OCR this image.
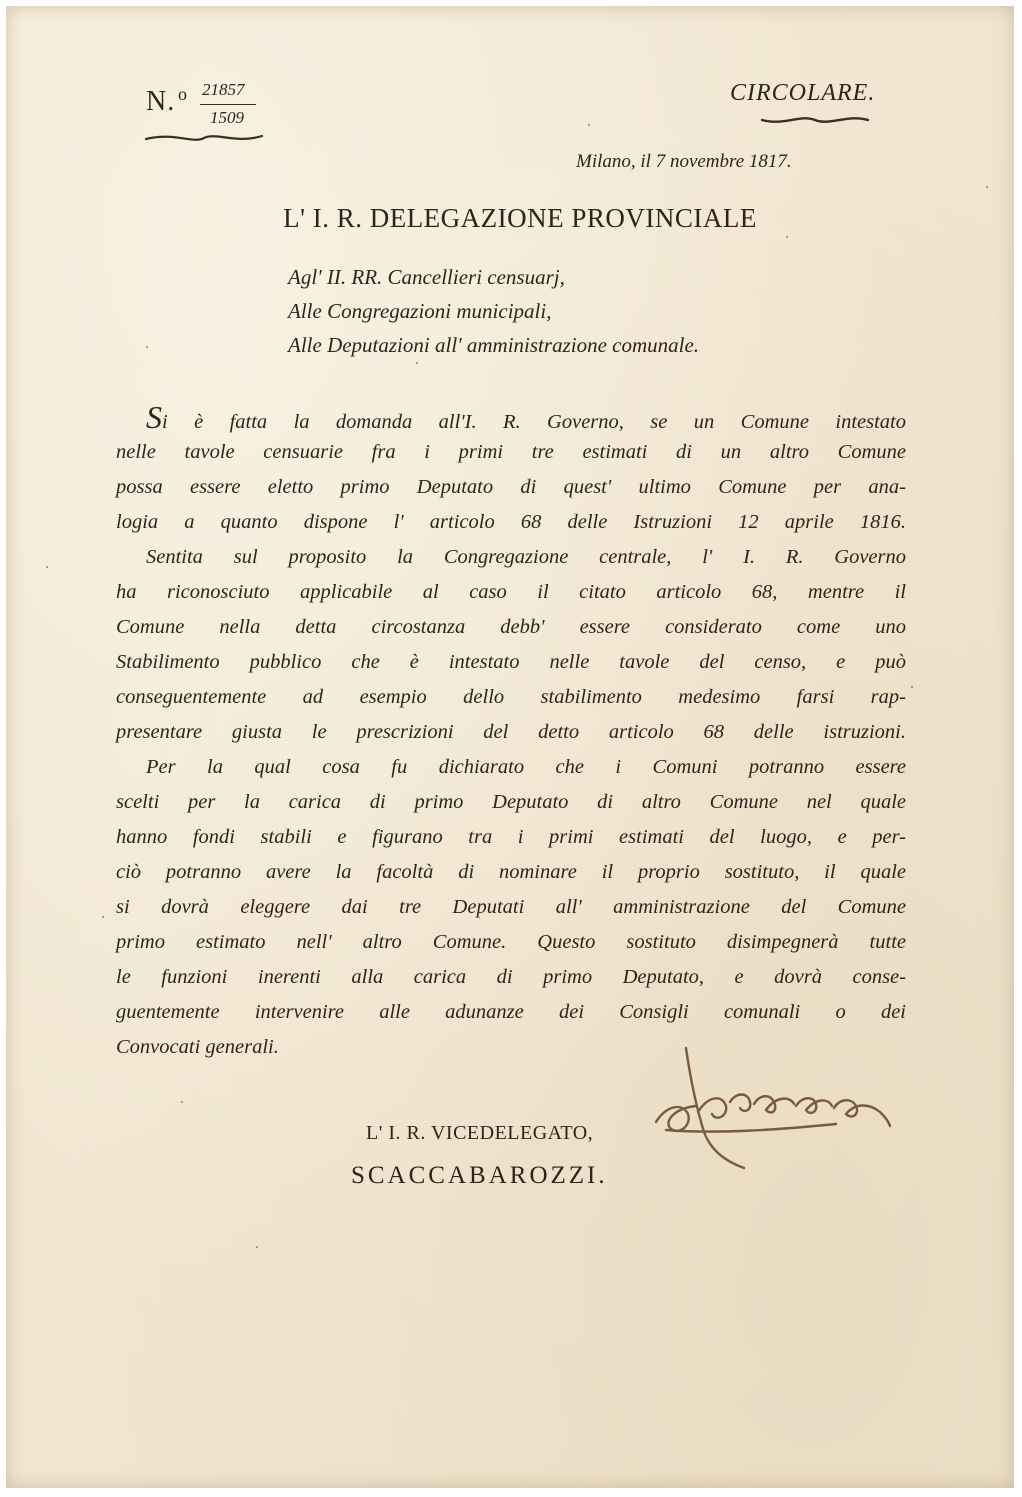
N. o 21857
1509
CIRCOLARE.
Milano, il 7 novembre 1817.
L' I. R. DELEGAZIONE PROVINCIALE
Agl' II. RR. Cancellieri censuarj,
Alle Congregazioni municipali,
Alle Deputazioni all' amministrazione comunale.
Si è fatta la domanda all'I. R. Governo, se un Comune intestato
nelle tavole censuarie fra i primi tre estimati di un altro Comune
possa essere eletto primo Deputato di quest' ultimo Comune per ana-
logia a quanto dispone l' articolo 68 delle Istruzioni 12 aprile 1816.
Sentita sul proposito la Congregazione centrale, l' I. R. Governo
ha riconosciuto applicabile al caso il citato articolo 68, mentre il
Comune nella detta circostanza debb' essere considerato come uno
Stabilimento pubblico che è intestato nelle tavole del censo, e può
conseguentemente ad esempio dello stabilimento medesimo farsi rap-
presentare giusta le prescrizioni del detto articolo 68 delle istruzioni.
Per la qual cosa fu dichiarato che i Comuni potranno essere
scelti per la carica di primo Deputato di altro Comune nel quale
hanno fondi stabili e figurano tra i primi estimati del luogo, e per-
ciò potranno avere la facoltà di nominare il proprio sostituto, il quale
si dovrà eleggere dai tre Deputati all' amministrazione del Comune
primo estimato nell' altro Comune. Questo sostituto disimpegnerà tutte
le funzioni inerenti alla carica di primo Deputato, e dovrà conse-
guentemente intervenire alle adunanze dei Consigli comunali o dei
Convocati generali.
L' I. R. VICEDELEGATO,
SCACCABAROZZI.
